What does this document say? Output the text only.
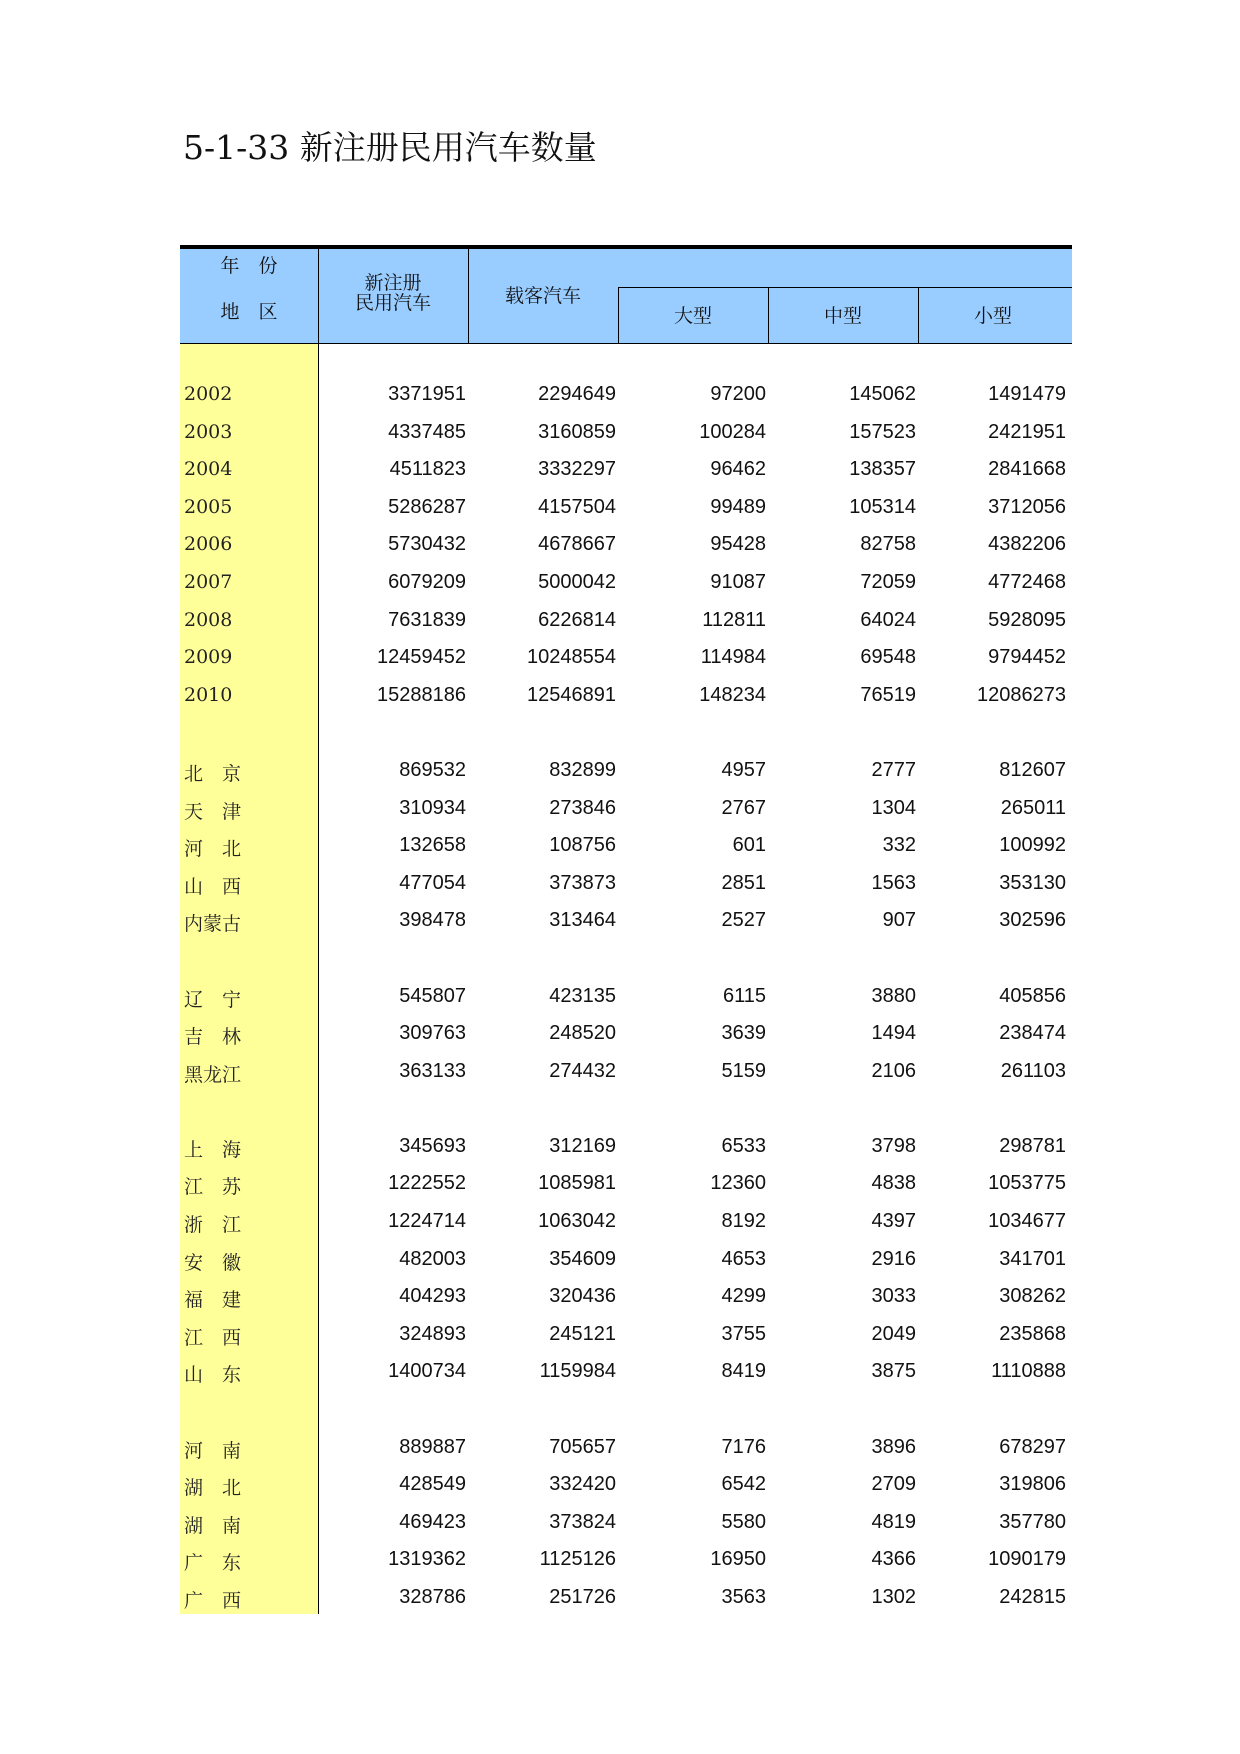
5-1-33 新注册民用汽车数量
年　份
地　区
新注册
民用汽车	载客汽车
大型	中型	小型
2002	3371951	2294649	97200	145062	1491479
2003	4337485	3160859	100284	157523	2421951
2004	4511823	3332297	96462	138357	2841668
2005	5286287	4157504	99489	105314	3712056
2006	5730432	4678667	95428	82758	4382206
2007	6079209	5000042	91087	72059	4772468
2008	7631839	6226814	112811	64024	5928095
2009	12459452	10248554	114984	69548	9794452
2010	15288186	12546891	148234	76519	12086273
北　京	869532	832899	4957	2777	812607
天　津	310934	273846	2767	1304	265011
河　北	132658	108756	601	332	100992
山　西	477054	373873	2851	1563	353130
内蒙古	398478	313464	2527	907	302596
辽　宁	545807	423135	6115	3880	405856
吉　林	309763	248520	3639	1494	238474
黑龙江	363133	274432	5159	2106	261103
上　海	345693	312169	6533	3798	298781
江　苏	1222552	1085981	12360	4838	1053775
浙　江	1224714	1063042	8192	4397	1034677
安　徽	482003	354609	4653	2916	341701
福　建	404293	320436	4299	3033	308262
江　西	324893	245121	3755	2049	235868
山　东	1400734	1159984	8419	3875	1110888
河　南	889887	705657	7176	3896	678297
湖　北	428549	332420	6542	2709	319806
湖　南	469423	373824	5580	4819	357780
广　东	1319362	1125126	16950	4366	1090179
广　西	328786	251726	3563	1302	242815
